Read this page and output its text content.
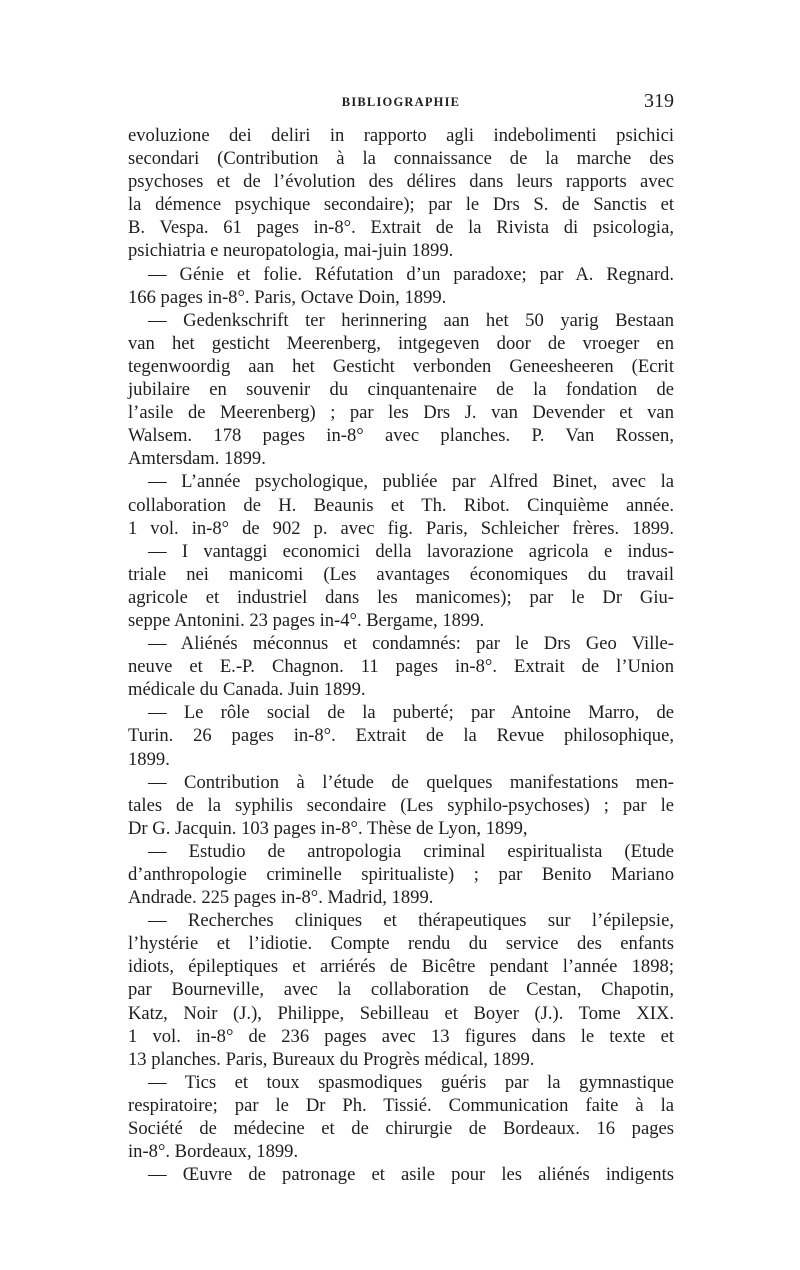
BIBLIOGRAPHIE	319
evoluzione dei deliri in rapporto agli indebolimenti psichici
secondari (Contribution à la connaissance de la marche des
psychoses et de l’évolution des délires dans leurs rapports avec
la démence psychique secondaire); par le Drs S. de Sanctis et
B. Vespa. 61 pages in-8°. Extrait de la Rivista di psicologia,
psichiatria e neuropatologia, mai-juin 1899.
— Génie et folie. Réfutation d’un paradoxe; par A. Regnard.
166 pages in-8°. Paris, Octave Doin, 1899.
— Gedenkschrift ter herinnering aan het 50 yarig Bestaan
van het gesticht Meerenberg, intgegeven door de vroeger en
tegenwoordig aan het Gesticht verbonden Geneesheeren (Ecrit
jubilaire en souvenir du cinquantenaire de la fondation de
l’asile de Meerenberg) ; par les Drs J. van Devender et van
Walsem. 178 pages in-8° avec planches. P. Van Rossen,
Amtersdam. 1899.
— L’année psychologique, publiée par Alfred Binet, avec la
collaboration de H. Beaunis et Th. Ribot. Cinquième année.
1 vol. in-8° de 902 p. avec fig. Paris, Schleicher frères. 1899.
— I vantaggi economici della lavorazione agricola e indus-
triale nei manicomi (Les avantages économiques du travail
agricole et industriel dans les manicomes); par le Dr Giu-
seppe Antonini. 23 pages in-4°. Bergame, 1899.
— Aliénés méconnus et condamnés: par le Drs Geo Ville-
neuve et E.-P. Chagnon. 11 pages in-8°. Extrait de l’Union
médicale du Canada. Juin 1899.
— Le rôle social de la puberté; par Antoine Marro, de
Turin. 26 pages in-8°. Extrait de la Revue philosophique,
1899.
— Contribution à l’étude de quelques manifestations men-
tales de la syphilis secondaire (Les syphilo-psychoses) ; par le
Dr G. Jacquin. 103 pages in-8°. Thèse de Lyon, 1899,
— Estudio de antropologia criminal espiritualista (Etude
d’anthropologie criminelle spiritualiste) ; par Benito Mariano
Andrade. 225 pages in-8°. Madrid, 1899.
— Recherches cliniques et thérapeutiques sur l’épilepsie,
l’hystérie et l’idiotie. Compte rendu du service des enfants
idiots, épileptiques et arriérés de Bicêtre pendant l’année 1898;
par Bourneville, avec la collaboration de Cestan, Chapotin,
Katz, Noir (J.), Philippe, Sebilleau et Boyer (J.). Tome XIX.
1 vol. in-8° de 236 pages avec 13 figures dans le texte et
13 planches. Paris, Bureaux du Progrès médical, 1899.
— Tics et toux spasmodiques guéris par la gymnastique
respiratoire; par le Dr Ph. Tissié. Communication faite à la
Société de médecine et de chirurgie de Bordeaux. 16 pages
in-8°. Bordeaux, 1899.
— Œuvre de patronage et asile pour les aliénés indigents
